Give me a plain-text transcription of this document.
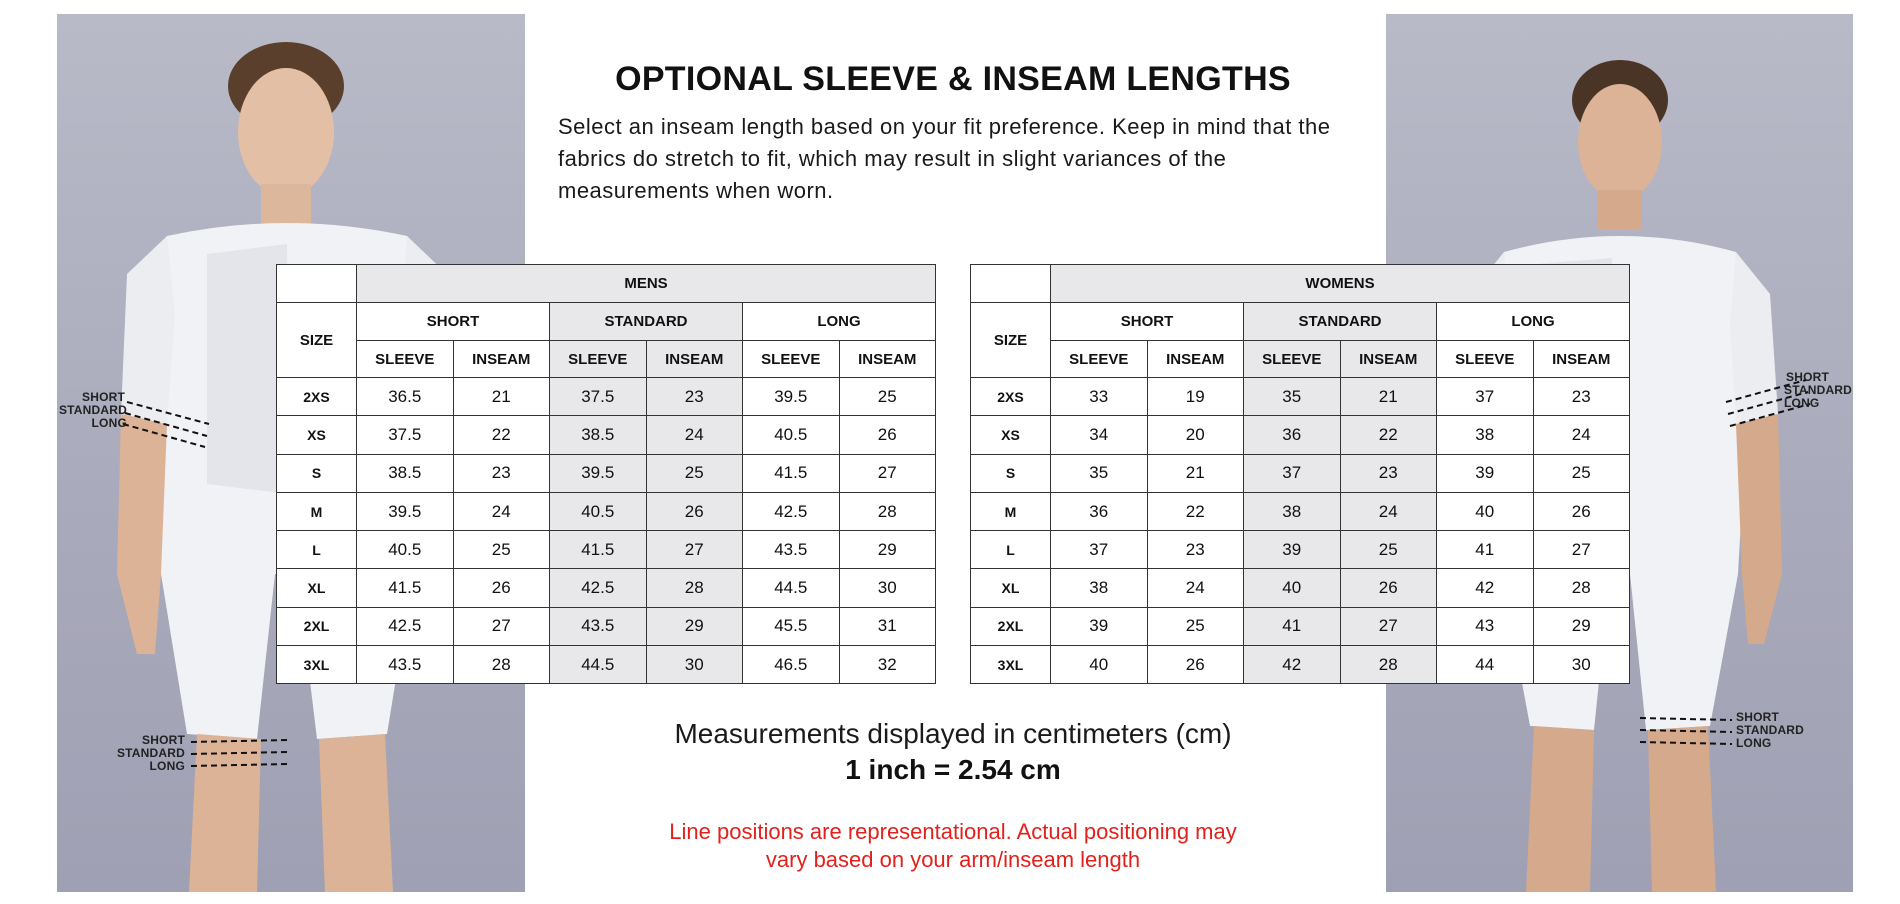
SHORT
STANDARD
LONG
SHORT
STANDARD
LONG
SHORT
STANDARD
LONG
SHORT
STANDARD
LONG
OPTIONAL SLEEVE & INSEAM LENGTHS

Select an inseam length based on your fit preference. Keep in mind that the fabrics do stretch to fit, which may result in slight variances of the measurements when worn.

	MENS					
SIZE	SHORT		STANDARD		LONG	
	SLEEVE	INSEAM	SLEEVE	INSEAM	SLEEVE	INSEAM
2XS	36.5	21	37.5	23	39.5	25
XS	37.5	22	38.5	24	40.5	26
S	38.5	23	39.5	25	41.5	27
M	39.5	24	40.5	26	42.5	28
L	40.5	25	41.5	27	43.5	29
XL	41.5	26	42.5	28	44.5	30
2XL	42.5	27	43.5	29	45.5	31
3XL	43.5	28	44.5	30	46.5	32
	WOMENS					
SIZE	SHORT		STANDARD		LONG	
	SLEEVE	INSEAM	SLEEVE	INSEAM	SLEEVE	INSEAM
2XS	33	19	35	21	37	23
XS	34	20	36	22	38	24
S	35	21	37	23	39	25
M	36	22	38	24	40	26
L	37	23	39	25	41	27
XL	38	24	40	26	42	28
2XL	39	25	41	27	43	29
3XL	40	26	42	28	44	30
Measurements displayed in centimeters (cm)
1 inch = 2.54 cm
Line positions are representational. Actual positioning may
vary based on your arm/inseam length
